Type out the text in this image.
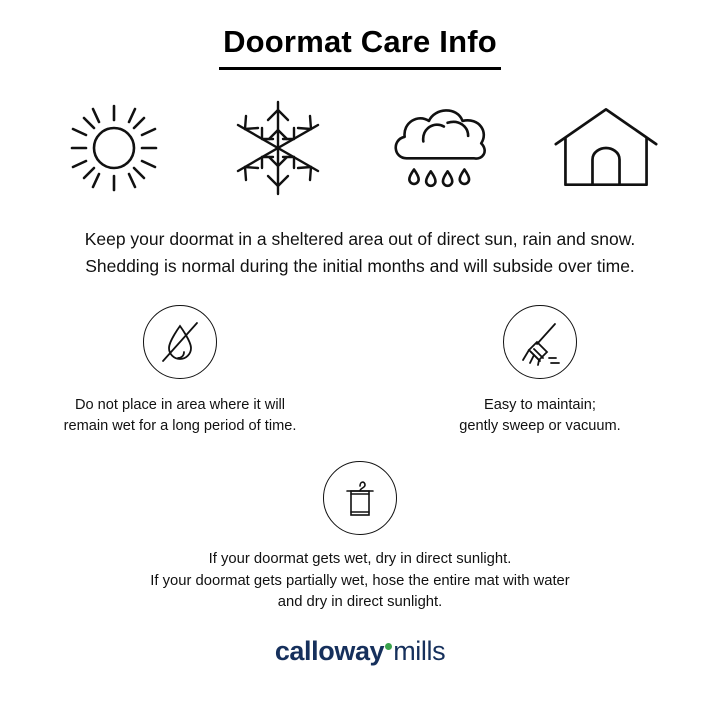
Doormat Care Info
Keep your doormat in a sheltered area out of direct sun, rain and snow.
Shedding is normal during the initial months and will subside over time.
Do not place in area where it will
remain wet for a long period of time.
Easy to maintain;
gently sweep or vacuum.
If your doormat gets wet, dry in direct sunlight.
If your doormat gets partially wet, hose the entire mat with water
and dry in direct sunlight.
calloway mills
